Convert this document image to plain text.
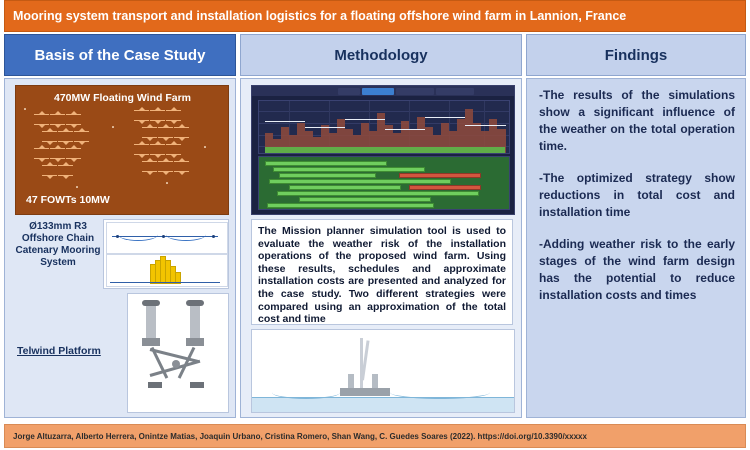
Mooring system transport and installation logistics for a floating offshore wind farm in Lannion, France
Basis of the Case Study	Methodology	Findings
470MW Floating Wind Farm
47 FOWTs 10MW
Ø133mm R3 Offshore Chain Catenary Mooring System
Telwind Platform
The Mission planner simulation tool is used to evaluate the weather risk of the installation operations of the proposed wind farm. Using these results, schedules and approximate installation costs are presented and analyzed for the case study. Two different strategies were compared using an approximation of the total cost and time

-The results of the simulations show a significant influence of the weather on the total operation time.

-The optimized strategy show reductions in total cost and installation time

-Adding weather risk to the early stages of the wind farm design has the potential to reduce installation costs and times

Jorge Altuzarra, Alberto Herrera, Onintze Matias, Joaquin Urbano, Cristina Romero, Shan Wang, C. Guedes Soares (2022). https://doi.org/10.3390/xxxxx
